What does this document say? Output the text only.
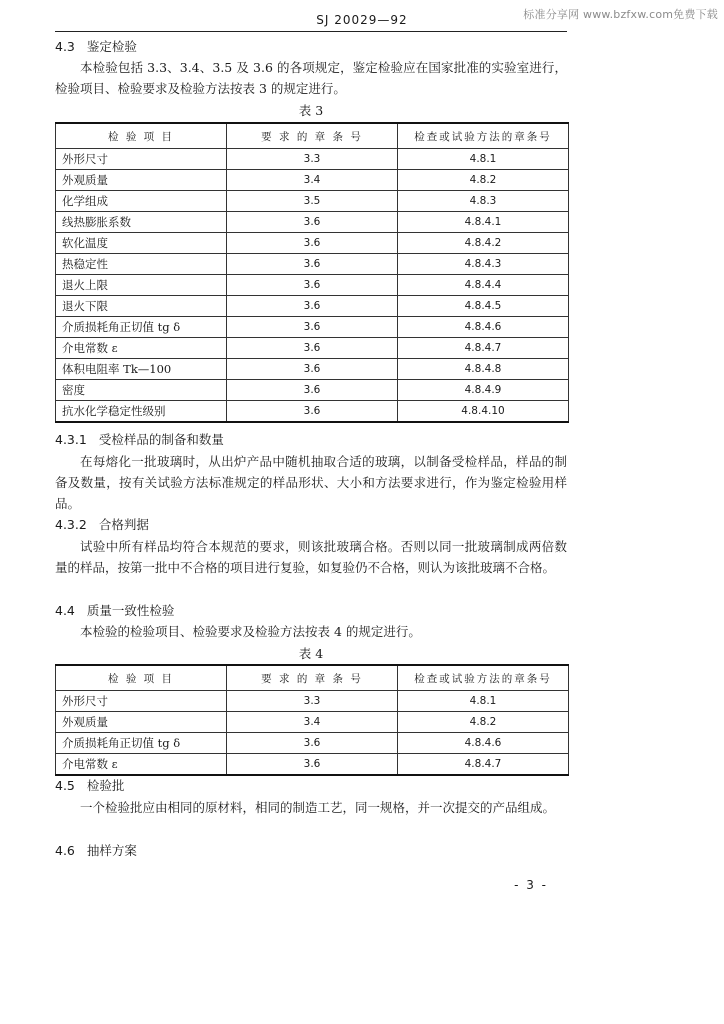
标准分享网 www.bzfxw.com免费下载
SJ 20029—92
4.3 鉴定检验

本检验包括 3.3、3.4、3.5 及 3.6 的各项规定，鉴定检验应在国家批准的实验室进行，检验项目、检验要求及检验方法按表 3 的规定进行。

表 3
检 验 项 目	要 求 的 章 条 号	检查或试验方法的章条号
外形尺寸	3.3	4.8.1
外观质量	3.4	4.8.2
化学组成	3.5	4.8.3
线热膨胀系数	3.6	4.8.4.1
软化温度	3.6	4.8.4.2
热稳定性	3.6	4.8.4.3
退火上限	3.6	4.8.4.4
退火下限	3.6	4.8.4.5
介质损耗角正切值 tg δ	3.6	4.8.4.6
介电常数 ε	3.6	4.8.4.7
体积电阻率 Tk—100	3.6	4.8.4.8
密度	3.6	4.8.4.9
抗水化学稳定性级别	3.6	4.8.4.10
4.3.1 受检样品的制备和数量

在每熔化一批玻璃时，从出炉产品中随机抽取合适的玻璃，以制备受检样品，样品的制备及数量，按有关试验方法标准规定的样品形状、大小和方法要求进行，作为鉴定检验用样品。

4.3.2 合格判据

试验中所有样品均符合本规范的要求，则该批玻璃合格。否则以同一批玻璃制成两倍数量的样品，按第一批中不合格的项目进行复验，如复验仍不合格，则认为该批玻璃不合格。

4.4 质量一致性检验

本检验的检验项目、检验要求及检验方法按表 4 的规定进行。

表 4
检 验 项 目	要 求 的 章 条 号	检查或试验方法的章条号
外形尺寸	3.3	4.8.1
外观质量	3.4	4.8.2
介质损耗角正切值 tg δ	3.6	4.8.4.6
介电常数 ε	3.6	4.8.4.7
4.5 检验批

一个检验批应由相同的原材料，相同的制造工艺，同一规格，并一次提交的产品组成。

4.6 抽样方案
- 3 -
